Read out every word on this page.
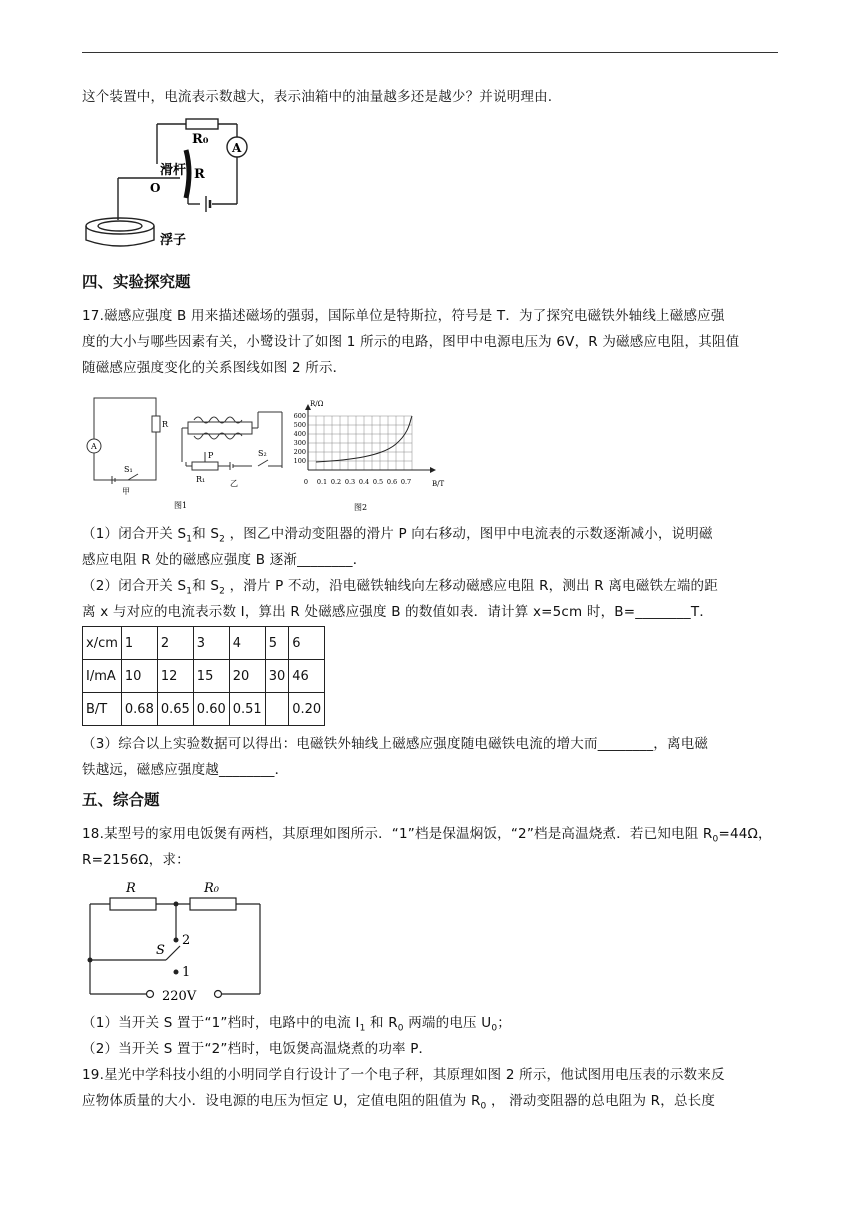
这个装置中，电流表示数越大，表示油箱中的油量越多还是越少？并说明理由.
R₀
A
滑杆 R
O
浮子
四、实验探究题
17.磁感应强度 B 用来描述磁场的强弱，国际单位是特斯拉，符号是 T．为了探究电磁铁外轴线上磁感应强
度的大小与哪些因素有关，小鹭设计了如图 1 所示的电路，图甲中电源电压为 6V，R 为磁感应电阻，其阻值
随磁感应强度变化的关系图线如图 2 所示．
R
A
S₁
甲
P
R₁	乙
S₂
图1
R/Ω
B/T
600
500
400
300
200
100
0 0.1 0.2 0.3 0.4 0.5 0.6 0.7
图2
（1）闭合开关 $S_1$和 $S_2$ ，图乙中滑动变阻器的滑片 P 向右移动，图甲中电流表的示数逐渐减小，说明磁
感应电阻 R 处的磁感应强度 B 逐渐________．
（2）闭合开关 $S_1$和 $S_2$ ，滑片 P 不动，沿电磁铁轴线向左移动磁感应电阻 R，测出 R 离电磁铁左端的距
离 x 与对应的电流表示数 I，算出 R 处磁感应强度 B 的数值如表．请计算 x=5cm 时，B=________T．
x/cm	1	2	3	4	5	6
I/mA	10	12	15	20	30	46
B/T	0.68	0.65	0.60	0.51		0.20
（3）综合以上实验数据可以得出：电磁铁外轴线上磁感应强度随电磁铁电流的增大而________，离电磁
铁越远，磁感应强度越________．
五、综合题
18.某型号的家用电饭煲有两档，其原理如图所示．“1”档是保温焖饭，“2”档是高温烧煮．若已知电阻 $R_0=44\Omega$，
R=2156Ω，求：
R	R₀
S
2
1
220V
（1）当开关 S 置于“1”档时，电路中的电流 $I_1$ 和 $R_0$ 两端的电压 $U_0$；
（2）当开关 S 置于“2”档时，电饭煲高温烧煮的功率 P．
19.星光中学科技小组的小明同学自行设计了一个电子秤，其原理如图 2 所示，他试图用电压表的示数来反
应物体质量的大小．设电源的电压为恒定 U，定值电阻的阻值为 $R_0$ ， 滑动变阻器的总电阻为 R，总长度
